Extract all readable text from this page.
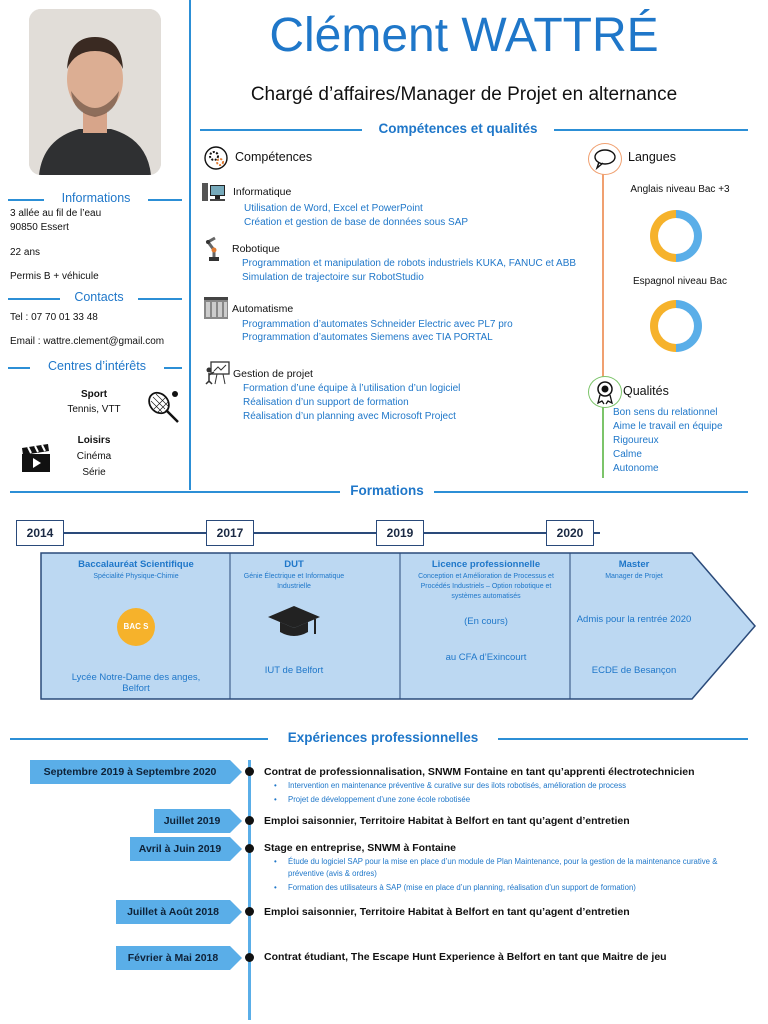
Clément WATTRÉ
Chargé d’affaires/Manager de Projet en alternance
Informations
3 allée au fil de l’eau
90850 Essert
22 ans
Permis B + véhicule
Contacts
Tel : 07 70 01 33 48
Email : wattre.clement@gmail.com
Centres d’intérêts
Sport
Tennis, VTT
Loisirs
Cinéma
Série
Compétences et qualités
Compétences
Informatique
Utilisation de Word, Excel et PowerPoint
Création et gestion de base de données sous SAP
Robotique
Programmation et manipulation de robots industriels KUKA, FANUC et ABB
Simulation de trajectoire sur RobotStudio
Automatisme
Programmation d’automates Schneider Electric avec PL7 pro
Programmation d’automates Siemens avec TIA PORTAL
Gestion de projet
Formation d’une équipe à l’utilisation d’un logiciel
Réalisation d’un support de formation
Réalisation d’un planning avec Microsoft Project
Langues
Anglais niveau Bac +3
Espagnol niveau Bac
Qualités
Bon sens du relationnel
Aime le travail en équipe
Rigoureux
Calme
Autonome
Formations
2014	2017	2019	2020
Baccalauréat Scientifique
Spécialité Physique-Chimie
BAC S
Lycée Notre-Dame des anges, Belfort
DUT
Génie Électrique et Informatique Industrielle
IUT de Belfort
Licence professionnelle
Conception et Amélioration de Processus et Procédés Industriels – Option robotique et systèmes automatisés
(En cours)
au CFA d’Exincourt
Master
Manager de Projet
Admis pour la rentrée 2020
ECDE de Besançon
Expériences professionnelles
Septembre 2019 à Septembre 2020	Contrat de professionnalisation, SNWM Fontaine en tant qu’apprenti électrotechnicien
• Intervention en maintenance préventive & curative sur des ilots robotisés, amélioration de process
• Projet de développement d’une zone école robotisée
Juillet 2019	Emploi saisonnier, Territoire Habitat à Belfort en tant qu’agent d’entretien
Avril à Juin 2019	Stage en entreprise, SNWM à Fontaine
• Étude du logiciel SAP pour la mise en place d’un module de Plan Maintenance, pour la gestion de la maintenance curative & préventive (avis & ordres)
• Formation des utilisateurs à SAP (mise en place d’un planning, réalisation d’un support de formation)
Juillet à Août 2018	Emploi saisonnier, Territoire Habitat à Belfort en tant qu’agent d’entretien
Février à Mai 2018	Contrat étudiant, The Escape Hunt Experience à Belfort en tant que Maitre de jeu
